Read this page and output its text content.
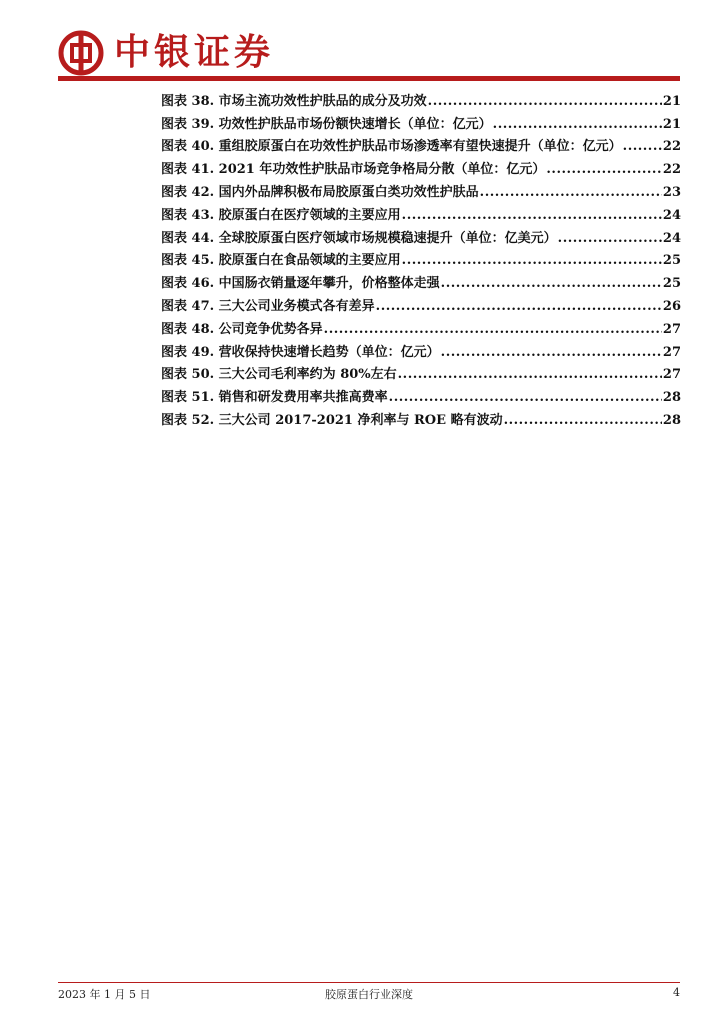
中银证券
图表 38. 市场主流功效性护肤品的成分及功效 .....	21
图表 39. 功效性护肤品市场份额快速增长（单位：亿元） .....	21
图表 40. 重组胶原蛋白在功效性护肤品市场渗透率有望快速提升（单位：亿元） .....	22
图表 41. 2021 年功效性护肤品市场竞争格局分散（单位：亿元） .....	22
图表 42. 国内外品牌积极布局胶原蛋白类功效性护肤品 .....	23
图表 43. 胶原蛋白在医疗领域的主要应用 .....	24
图表 44. 全球胶原蛋白医疗领域市场规模稳速提升（单位：亿美元） .....	24
图表 45. 胶原蛋白在食品领域的主要应用 .....	25
图表 46. 中国肠衣销量逐年攀升，价格整体走强 .....	25
图表 47. 三大公司业务模式各有差异 .....	26
图表 48. 公司竞争优势各异 .....	27
图表 49. 营收保持快速增长趋势（单位：亿元） .....	27
图表 50. 三大公司毛利率约为 80%左右 .....	27
图表 51. 销售和研发费用率共推高费率 .....	28
图表 52. 三大公司 2017-2021 净利率与 ROE 略有波动 .....	28
2023 年 1 月 5 日	胶原蛋白行业深度	4
